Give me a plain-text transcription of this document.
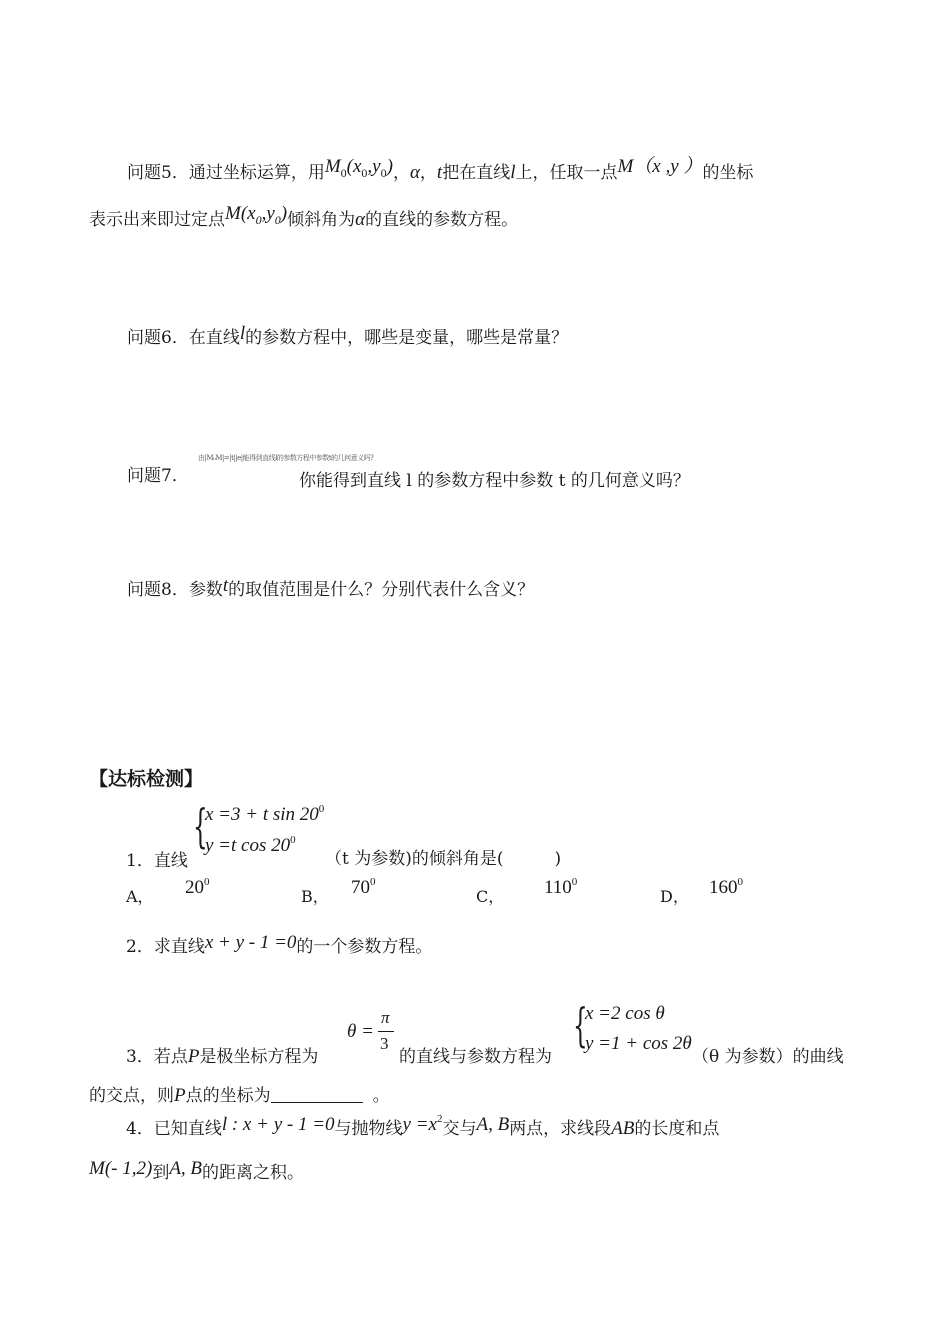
问题5．通过坐标运算，用$M_0(x_0,y_0)$，α，t把在直线l上，任取一点M（x ,y ）的坐标
表示出来即过定点$M(x_0,y_0)$倾斜角为α的直线的参数方程。
问题6．在直线l的参数方程中，哪些是变量，哪些是常量？
问题7．
由|M₀M|=|t||e|能得到直线l的参数方程中参数t的几何意义吗?
你能得到直线 l 的参数方程中参数 t 的几何意义吗？
问题8．参数t的取值范围是什么？分别代表什么含义？
【达标检测】
{
x =3 + t $\sin 20^0$
y =t $\cos 20^0$
1．直线	（t 为参数)的倾斜角是(　　　)
A， $20^0$
B， $70^0$
C， $110^0$
D， $160^0$
2．求直线x + y - 1 =0的一个参数方程。
θ =
π
3	{
x =2 cos θ
y =1 + cos 2θ
3．若点P是极坐标方程为	的直线与参数方程为	（θ 为参数）的曲线
的交点，则P点的坐标为	。
4．已知直线l : x + y - 1 =0与抛物线$y =x^2$交与A, B两点，求线段AB的长度和点
M(- 1,2)到A, B的距离之积。
